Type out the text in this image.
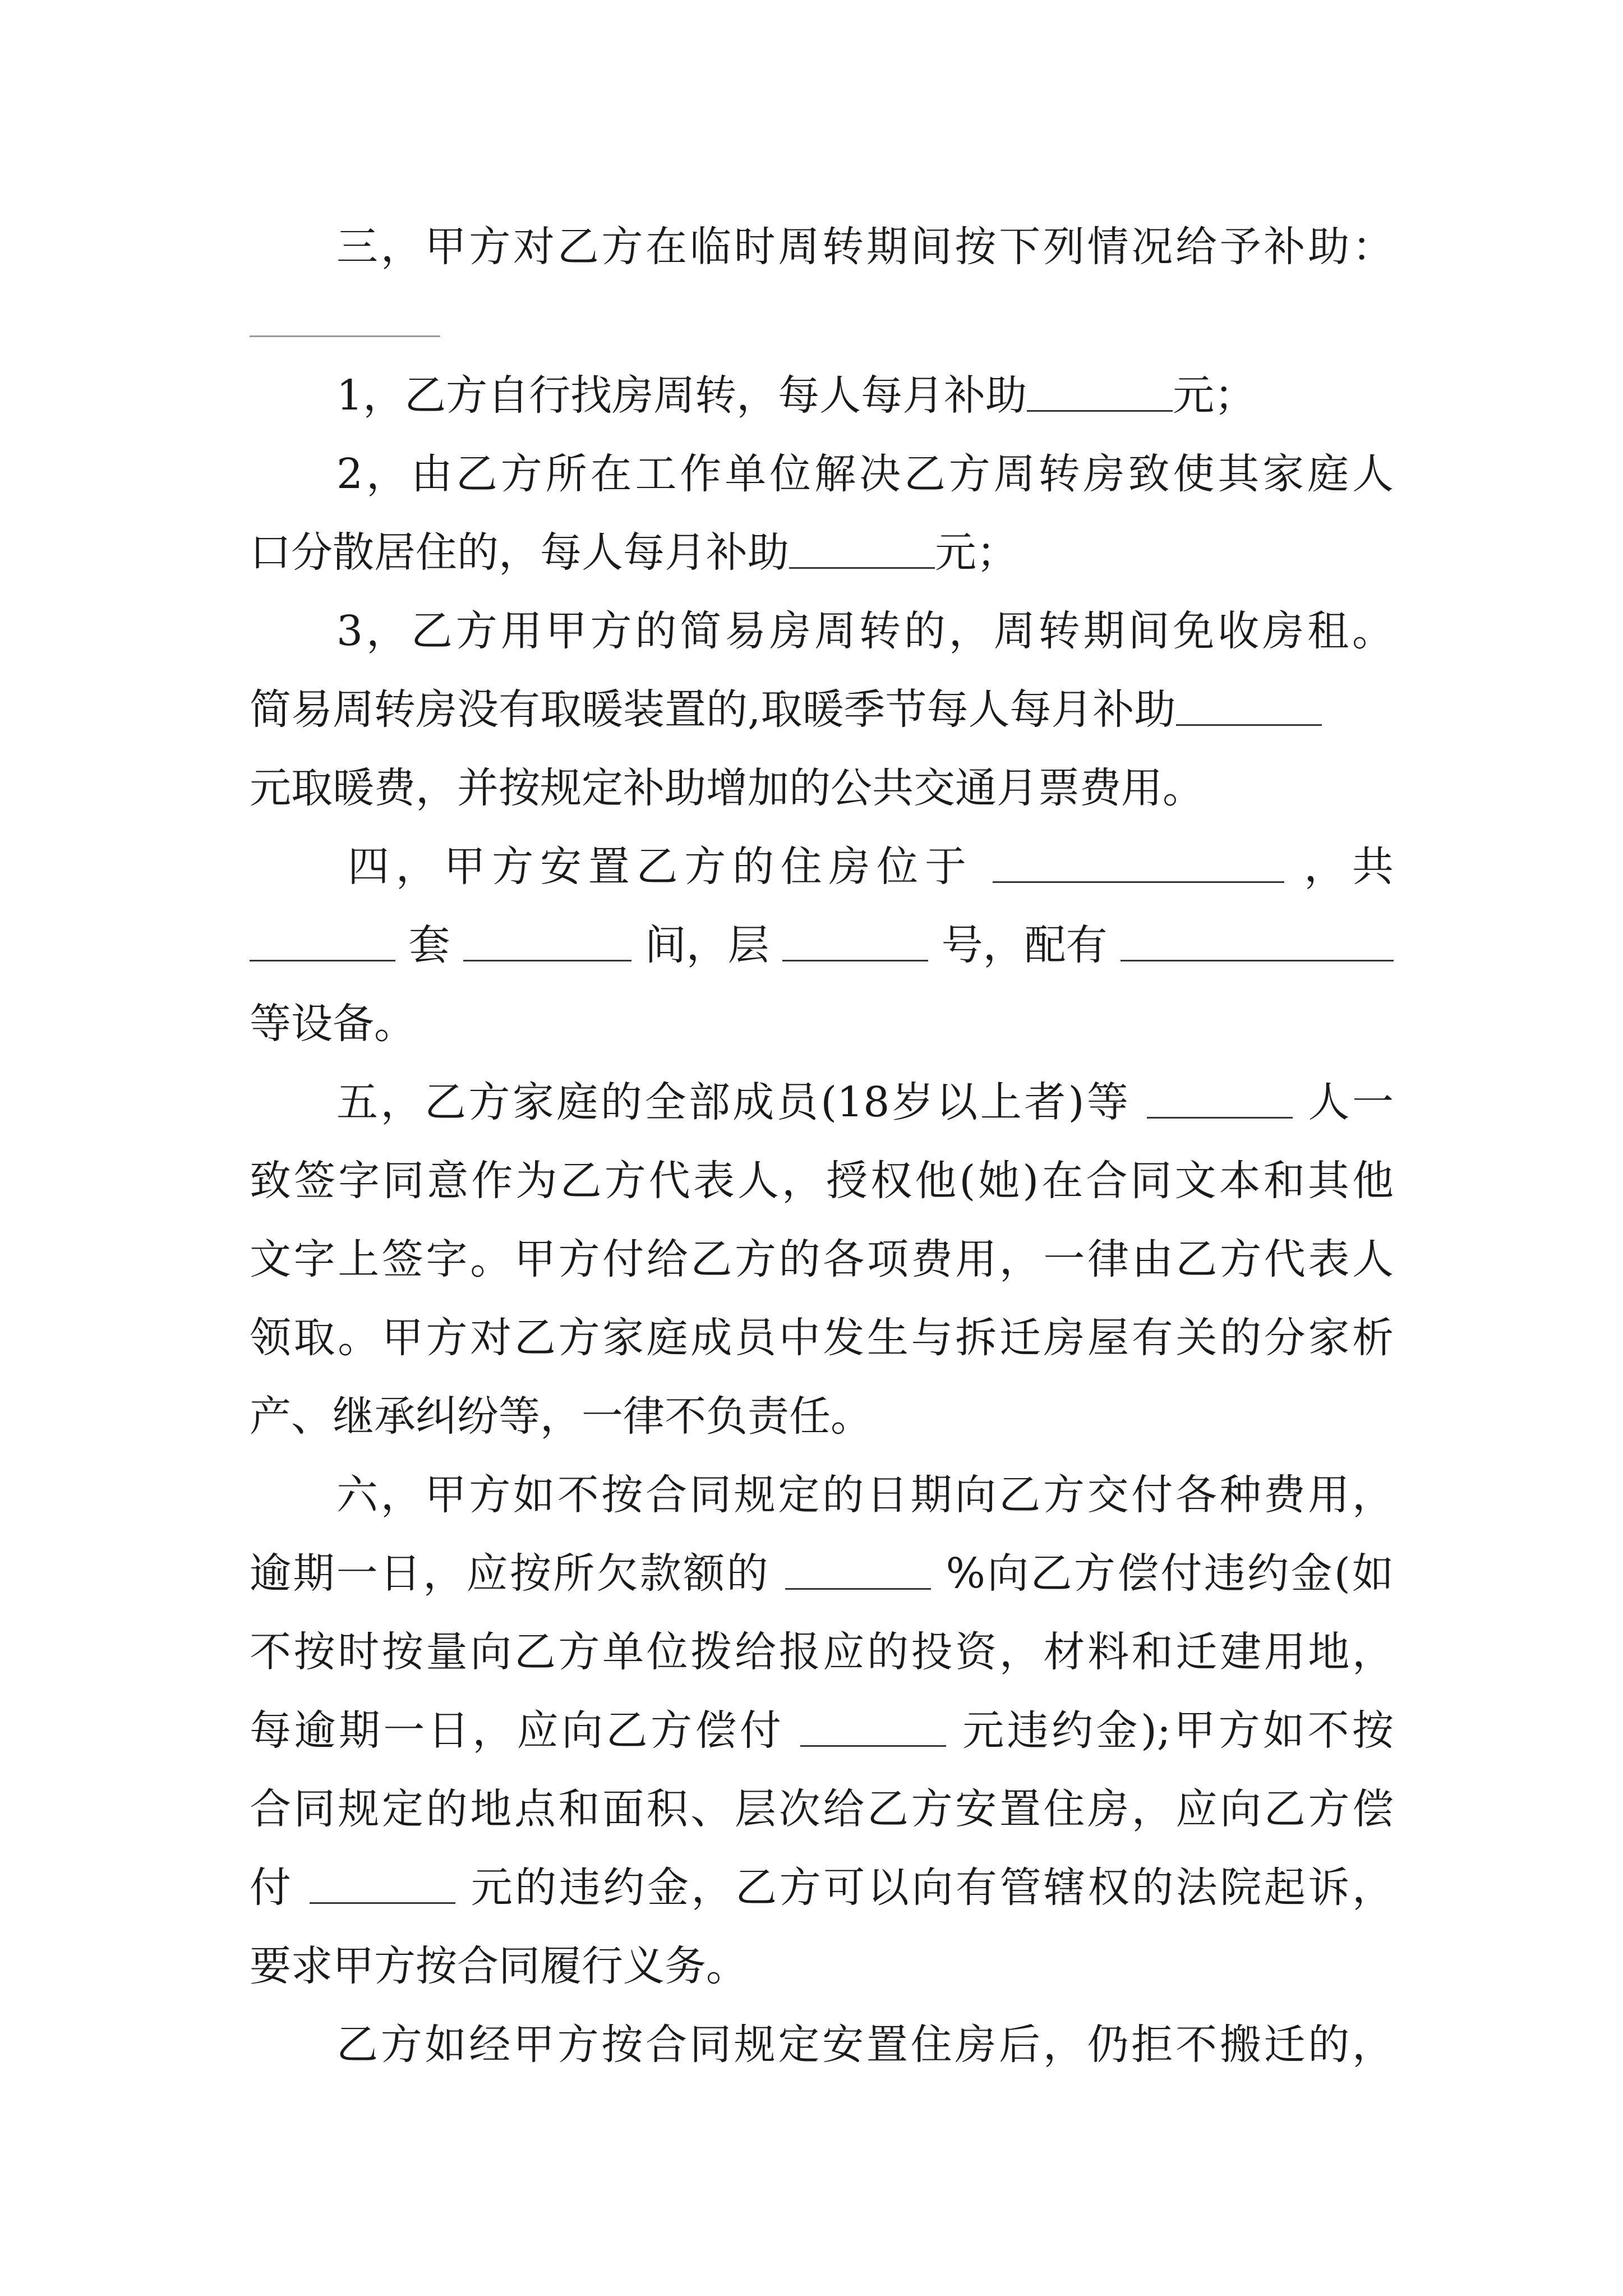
三，甲方对乙方在临时周转期间按下列情况给予补助：
1，乙方自行找房周转，每人每月补助	元；
2，由乙方所在工作单位解决乙方周转房致使其家庭人
口分散居住的，每人每月补助	元；
3，乙方用甲方的简易房周转的，周转期间免收房租。
简易周转房没有取暖装置的,取暖季节每人每月补助
元取暖费，并按规定补助增加的公共交通月票费用。
四，甲方安置乙方的住房位于	，共
套	间，层	号，配有
等设备。
五，乙方家庭的全部成员(18岁以上者)等	人一
致签字同意作为乙方代表人，授权他(她)在合同文本和其他
文字上签字。甲方付给乙方的各项费用，一律由乙方代表人
领取。甲方对乙方家庭成员中发生与拆迁房屋有关的分家析
产、继承纠纷等，一律不负责任。
六，甲方如不按合同规定的日期向乙方交付各种费用，
逾期一日，应按所欠款额的	%向乙方偿付违约金(如
不按时按量向乙方单位拨给报应的投资，材料和迁建用地，
每逾期一日，应向乙方偿付	元违约金);甲方如不按
合同规定的地点和面积、层次给乙方安置住房，应向乙方偿
付	元的违约金，乙方可以向有管辖权的法院起诉，
要求甲方按合同履行义务。
乙方如经甲方按合同规定安置住房后，仍拒不搬迁的，
